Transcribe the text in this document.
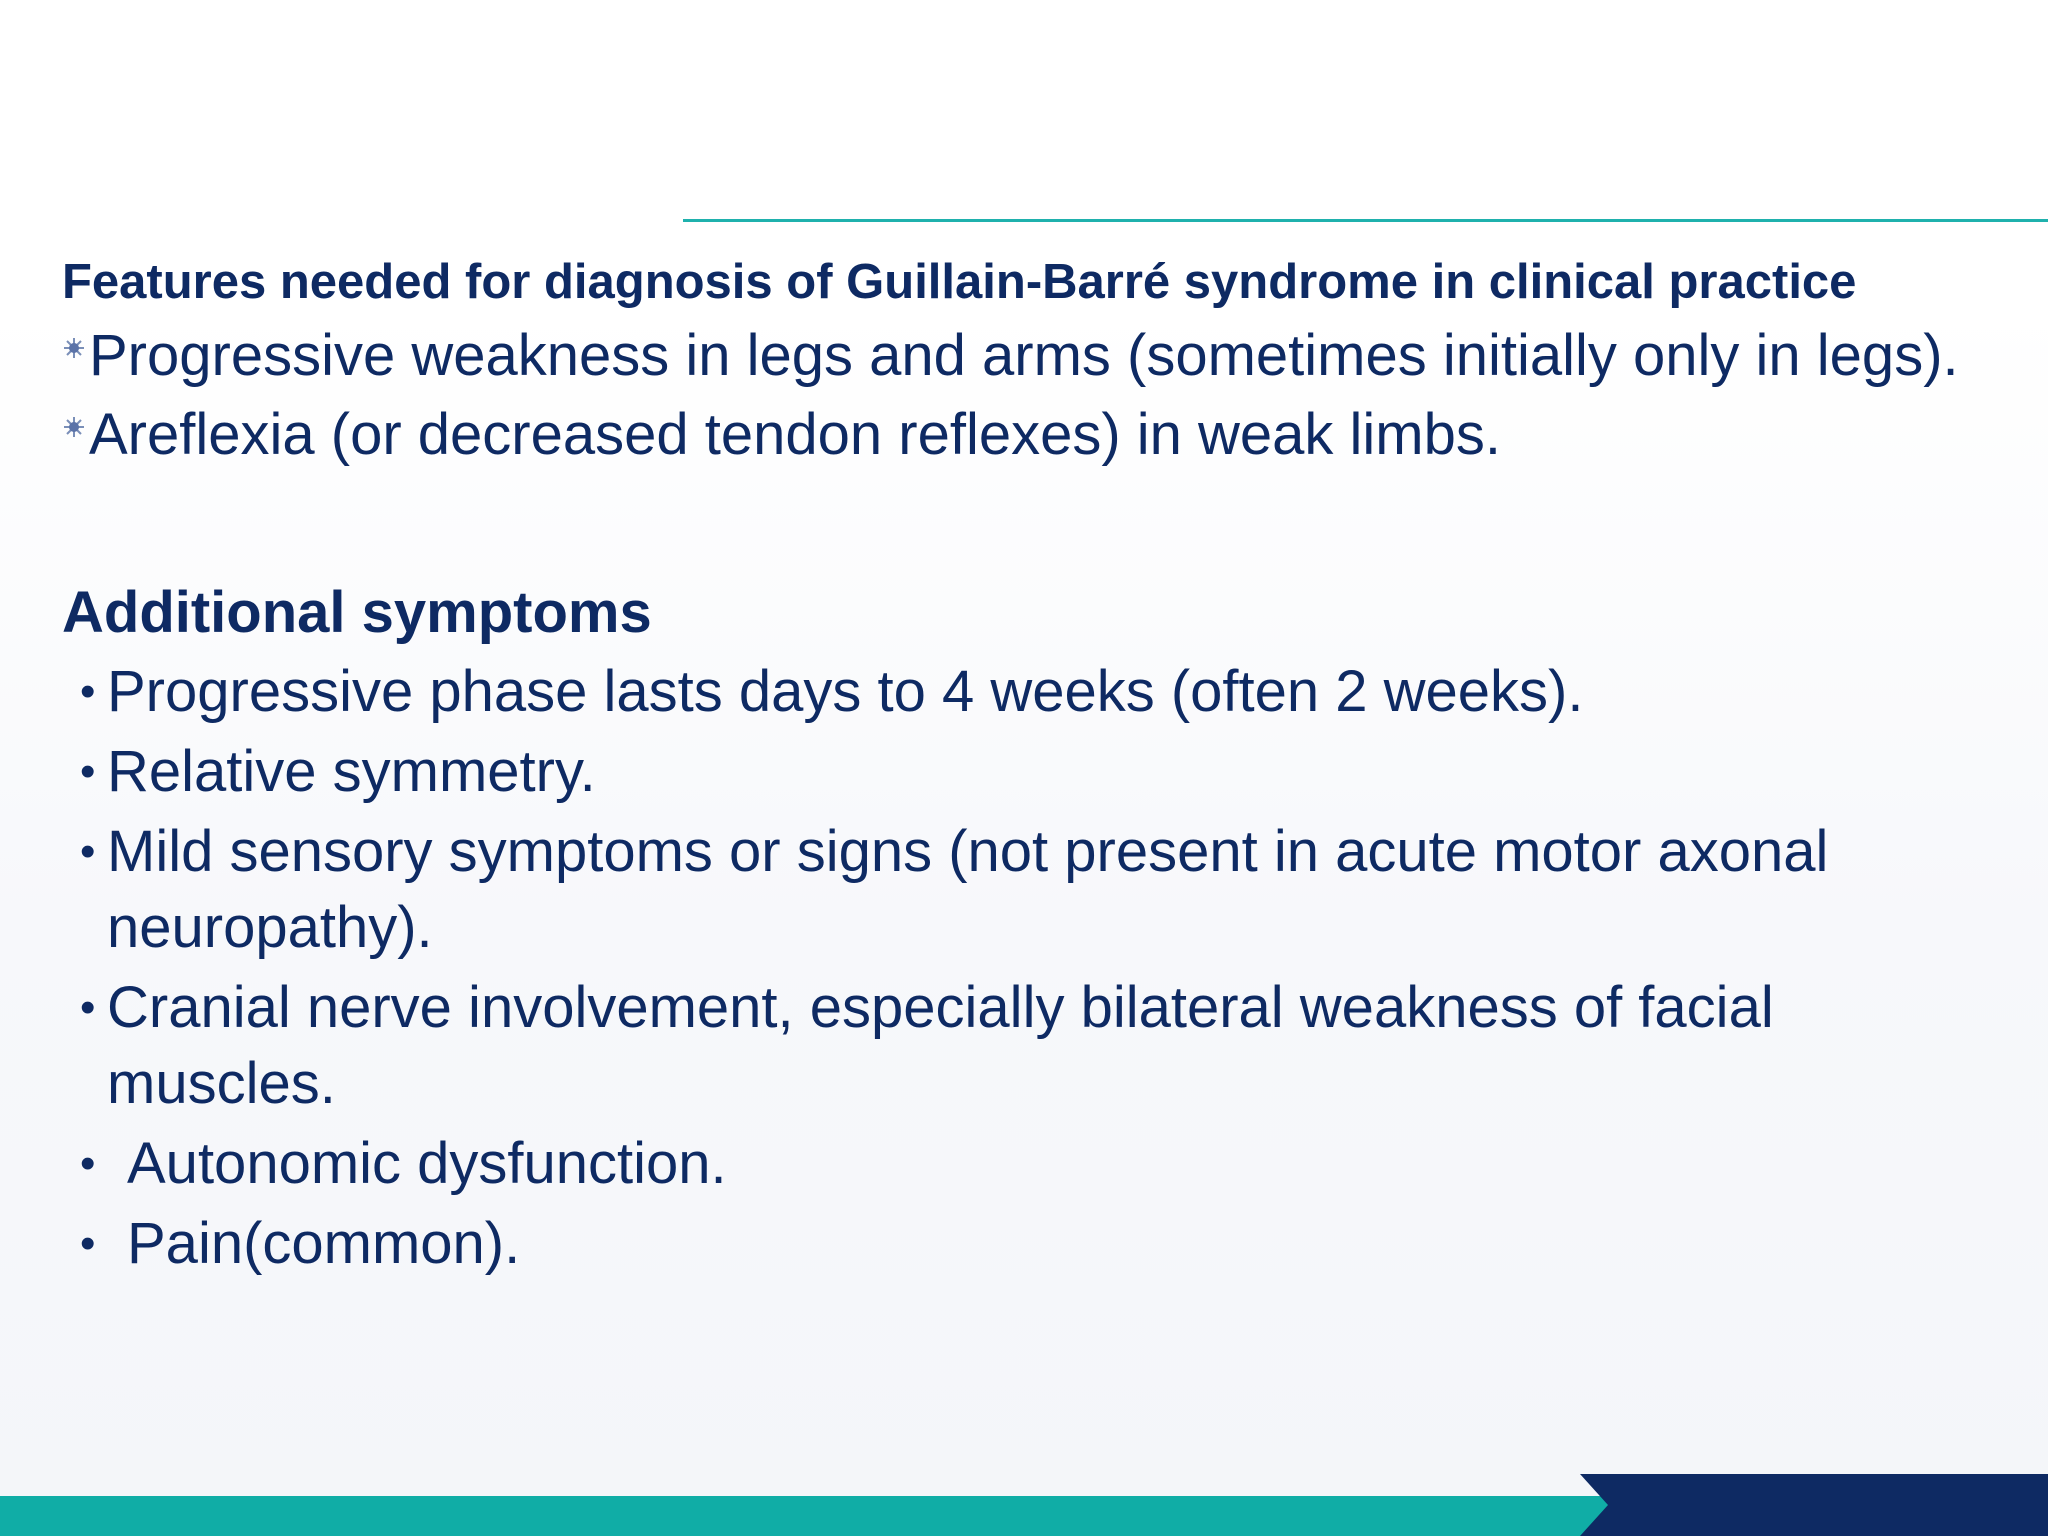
Features needed for diagnosis of Guillain-Barré syndrome in clinical practice

Progressive weakness in legs and arms (sometimes initially only in legs).
Areflexia (or decreased tendon reflexes) in weak limbs.

Additional symptoms

• Progressive phase lasts days to 4 weeks (often 2 weeks).
• Relative symmetry.
• Mild sensory symptoms or signs (not present in acute motor axonal neuropathy).
• Cranial nerve involvement, especially bilateral weakness of facial muscles.
• Autonomic dysfunction.
• Pain(common).
